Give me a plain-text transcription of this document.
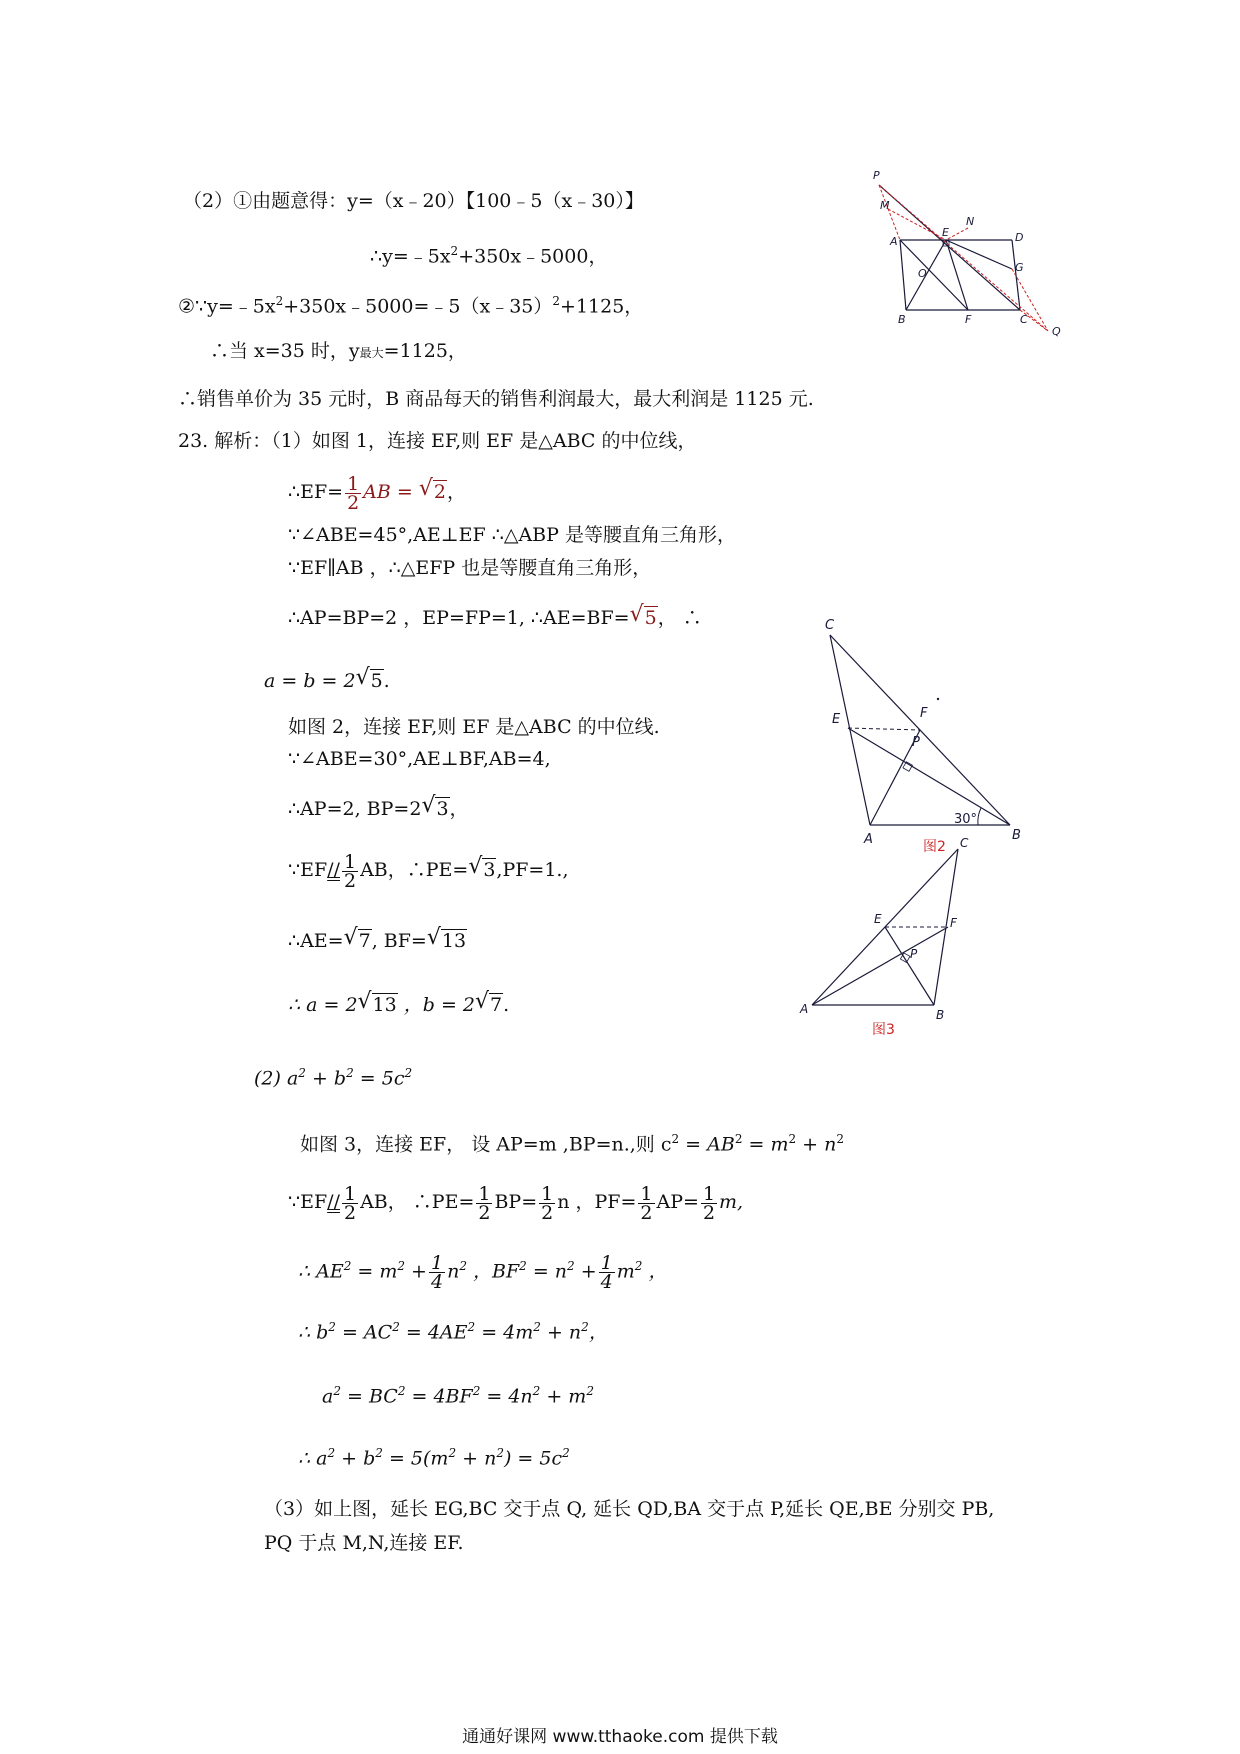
（2）①由题意得：y=（x﹣20）【100﹣5（x﹣30）】
$\therefore y=﹣5x^2+350x﹣5000$，
$②\because y=﹣5x^2+350x﹣5000=﹣5(x﹣35)^2+1125$，
∴当 x=35 时，y最大=1125，
∴销售单价为 35 元时，B 商品每天的销售利润最大，最大利润是 1125 元.
P
M
N
A
E	D
G
O
B	F	C
Q
23. 解析：（1）如图 1，连接 EF,则 EF 是△ABC 的中位线，
∴EF= $\frac{1}{2}$ AB = √ 2，
∵∠ABE=45°,AE⊥EF ∴△ABP 是等腰直角三角形，
∵EF∥AB ，∴△EFP 也是等腰直角三角形，
∴AP=BP=2 ，EP=FP=1, ∴AE=BF= √ 5， ∴
a = b = 2 √ 5.
如图 2，连接 EF,则 EF 是△ABC 的中位线.
∵∠ABE=30°,AE⊥BF,AB=4,
∴AP=2, BP=2 √ 3，
∵EF// $\frac{1}{2}$ AB，∴PE= √ 3,PF=1.,
∴AE= √ 7, BF= √ 13
∴ a = 2 √ 13 ，b = 2 √ 7.
C
E	F
P
A	B
30°
图2 C
E	F
P
A	B
图3
(2) $a^2 + b^2 = 5c^2$
如图 3，连接 EF， 设 AP=m ,BP=n.,则 $c^2 = AB^2 = m^2 + n^2$
∵EF// $\frac{1}{2}$ AB， ∴PE= $\frac{1}{2} BP= \frac{1}{2}$ n ，$PF= \frac{1}{2} AP= \frac{1}{2} m$,
∴ $AE^2 = m^2 + \frac{1}{4} n^2$ ，$BF^2 = n^2 + \frac{1}{4} m^2$ ，
∴ $b^2 = AC^2 = 4AE^2 = 4m^2 + n^2$，
$a^2 = BC^2 = 4BF^2 = 4n^2 + m^2$
∴ $a^2 + b^2 = 5(m^2 + n^2) = 5c^2$
（3）如上图，延长 EG,BC 交于点 Q, 延长 QD,BA 交于点 P,延长 QE,BE 分别交 PB,
PQ 于点 M,N,连接 EF.
通通好课网 www.tthaoke.com 提供下载
